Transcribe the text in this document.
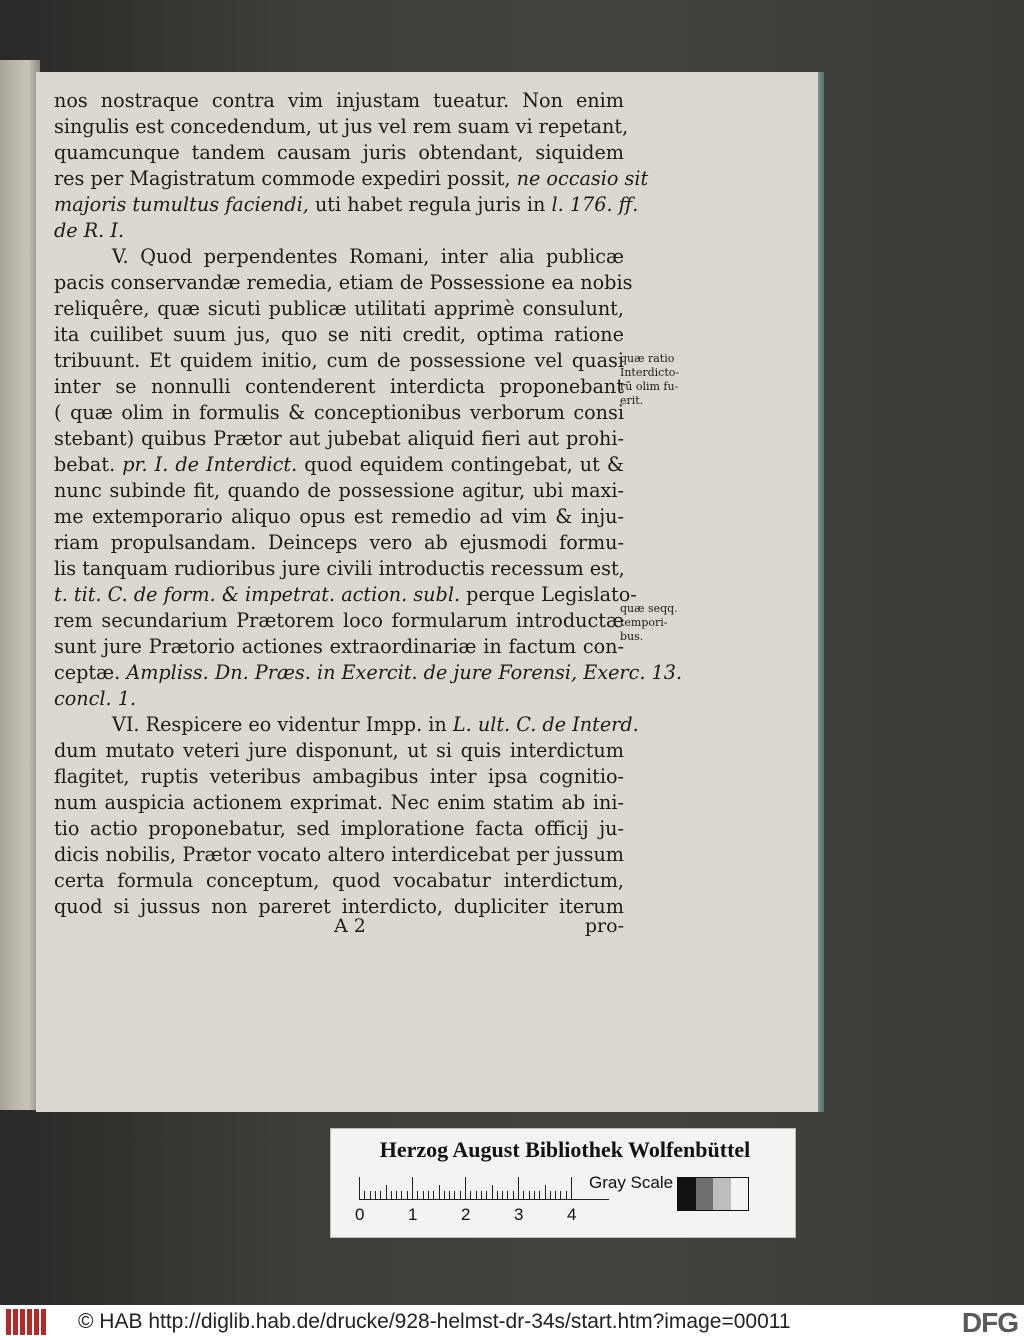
nos nostraque contra vim injustam tueatur. Non enim
singulis est concedendum, ut jus vel rem suam vi repetant,
quamcunque tandem causam juris obtendant, siquidem
res per Magistratum commode expediri possit, ne occasio sit
majoris tumultus faciendi, uti habet regula juris in l. 176. ff.
de R. I.
V. Quod perpendentes Romani, inter alia publicæ
pacis conservandæ remedia, etiam de Possessione ea nobis
reliquêre, quæ sicuti publicæ utilitati apprimè consulunt,
ita cuilibet suum jus, quo se niti credit, optima ratione
tribuunt. Et quidem initio, cum de possessione vel quasi
inter se nonnulli contenderent interdicta proponebant
( quæ olim in formulis & conceptionibus verborum consi
stebant) quibus Prætor aut jubebat aliquid fieri aut prohi-
bebat. pr. I. de Interdict. quod equidem contingebat, ut &
nunc subinde fit, quando de possessione agitur, ubi maxi-
me extemporario aliquo opus est remedio ad vim & inju-
riam propulsandam. Deinceps vero ab ejusmodi formu-
lis tanquam rudioribus jure civili introductis recessum est,
t. tit. C. de form. & impetrat. action. subl. perque Legislato-
rem secundarium Prætorem loco formularum introductæ
sunt jure Prætorio actiones extraordinariæ in factum con-
ceptæ. Ampliss. Dn. Præs. in Exercit. de jure Forensi, Exerc. 13.
concl. 1.
VI. Respicere eo videntur Impp. in L. ult. C. de Interd.
dum mutato veteri jure disponunt, ut si quis interdictum
flagitet, ruptis veteribus ambagibus inter ipsa cognitio-
num auspicia actionem exprimat. Nec enim statim ab ini-
tio actio proponebatur, sed imploratione facta officij ju-
dicis nobilis, Prætor vocato altero interdicebat per jussum
certa formula conceptum, quod vocabatur interdictum,
quod si jussus non pareret interdicto, dupliciter iterum
quæ ratio
Interdicto-
rũ olim fu-
erit.
quæ seqq.
tempori-
bus.
A 2	pro-
Herzog August Bibliothek Wolfenbüttel
0	1	2	3	4
Gray Scale
© HAB http://diglib.hab.de/drucke/928-helmst-dr-34s/start.htm?image=00011	DFG
